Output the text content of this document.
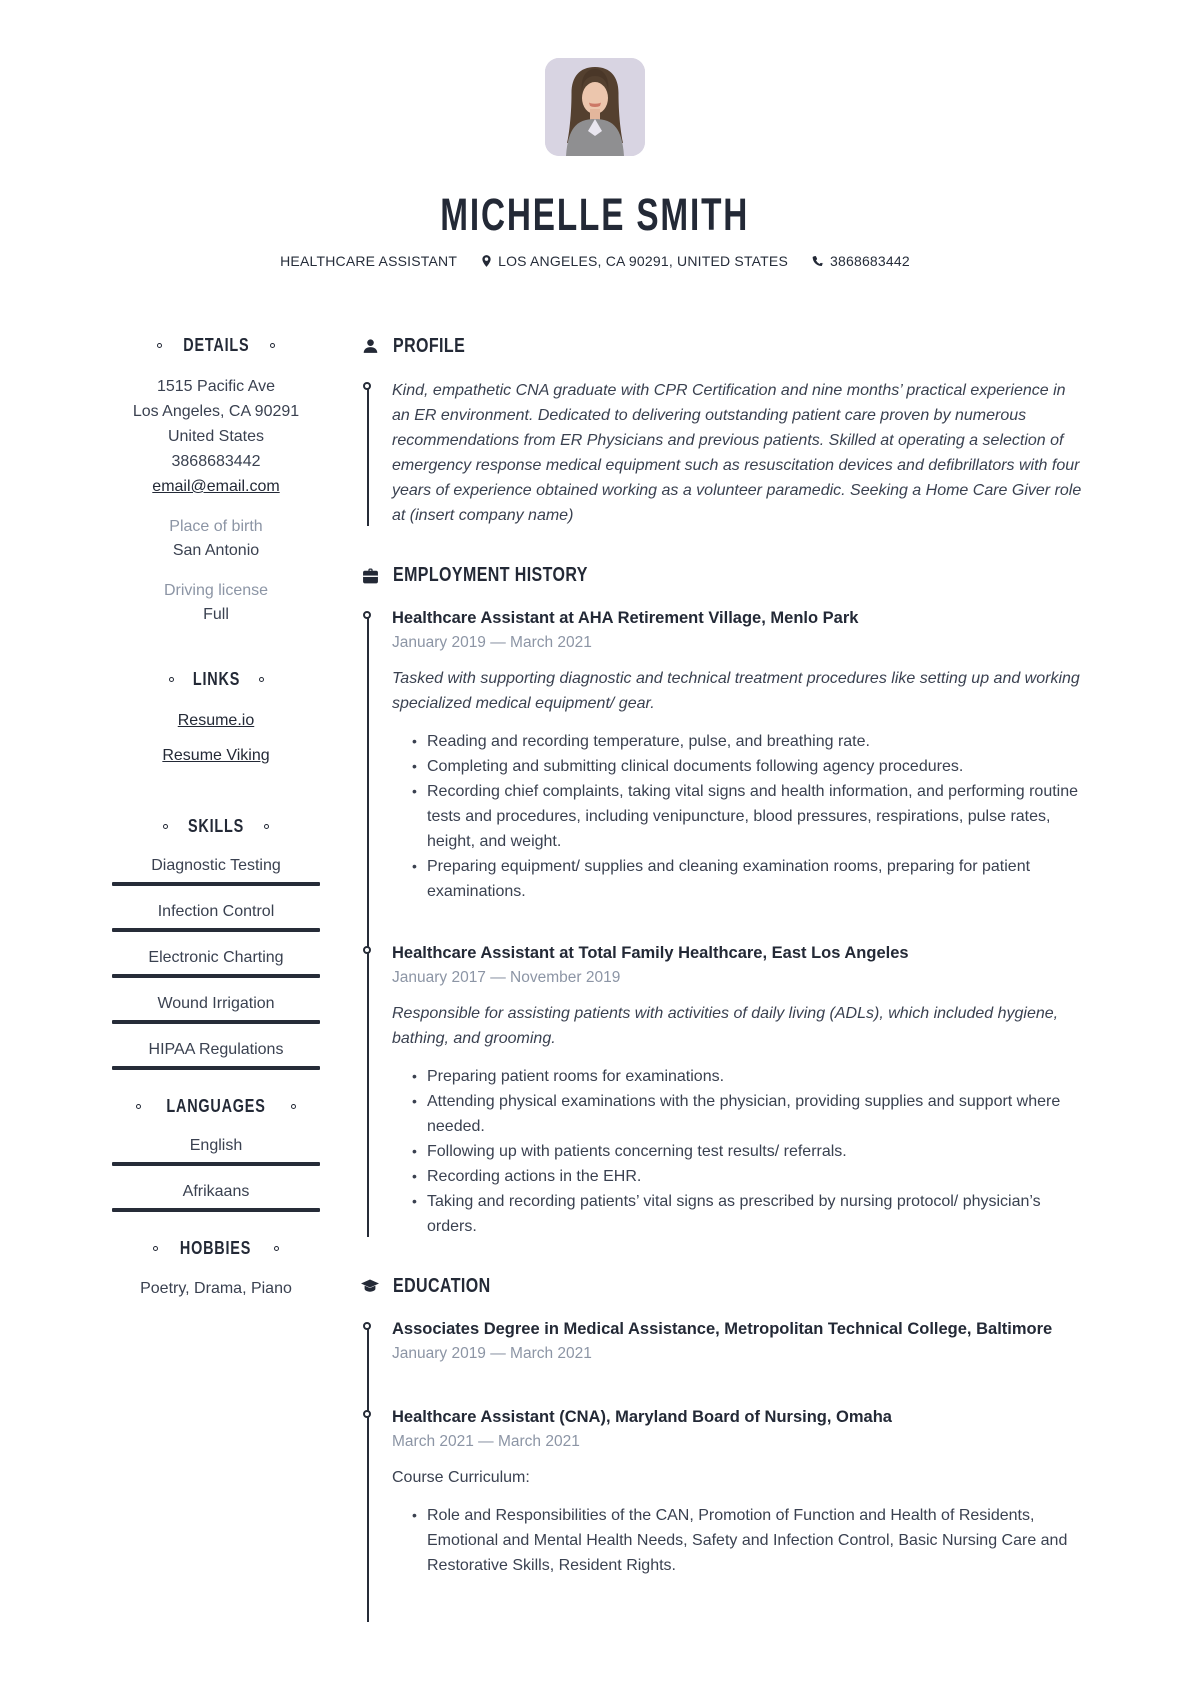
MICHELLE SMITH
HEALTHCARE ASSISTANT	LOS ANGELES, CA 90291, UNITED STATES	3868683442
DETAILS
1515 Pacific Ave
Los Angeles, CA 90291
United States
3868683442
email@email.com
Place of birth
San Antonio
Driving license
Full
LINKS
Resume.io
Resume Viking
SKILLS
Diagnostic Testing
Infection Control
Electronic Charting
Wound Irrigation
HIPAA Regulations
LANGUAGES
English
Afrikaans
HOBBIES
Poetry, Drama, Piano
PROFILE

Kind, empathetic CNA graduate with CPR Certification and nine months’ practical experience in an ER environment. Dedicated to delivering outstanding patient care proven by numerous recommendations from ER Physicians and previous patients. Skilled at operating a selection of emergency response medical equipment such as resuscitation devices and defibrillators with four years of experience obtained working as a volunteer paramedic. Seeking a Home Care Giver role at (insert company name)

EMPLOYMENT HISTORY
Healthcare Assistant at AHA Retirement Village, Menlo Park
January 2019 — March 2021

Tasked with supporting diagnostic and technical treatment procedures like setting up and working specialized medical equipment/ gear.

• Reading and recording temperature, pulse, and breathing rate.
• Completing and submitting clinical documents following agency procedures.
• Recording chief complaints, taking vital signs and health information, and performing routine tests and procedures, including venipuncture, blood pressures, respirations, pulse rates, height, and weight.
• Preparing equipment/ supplies and cleaning examination rooms, preparing for patient examinations.
Healthcare Assistant at Total Family Healthcare, East Los Angeles
January 2017 — November 2019

Responsible for assisting patients with activities of daily living (ADLs), which included hygiene, bathing, and grooming.

• Preparing patient rooms for examinations.
• Attending physical examinations with the physician, providing supplies and support where needed.
• Following up with patients concerning test results/ referrals.
• Recording actions in the EHR.
• Taking and recording patients’ vital signs as prescribed by nursing protocol/ physician’s orders.
EDUCATION
Associates Degree in Medical Assistance, Metropolitan Technical College, Baltimore
January 2019 — March 2021
Healthcare Assistant (CNA), Maryland Board of Nursing, Omaha
March 2021 — March 2021

Course Curriculum:

• Role and Responsibilities of the CAN, Promotion of Function and Health of Residents, Emotional and Mental Health Needs, Safety and Infection Control, Basic Nursing Care and Restorative Skills, Resident Rights.
